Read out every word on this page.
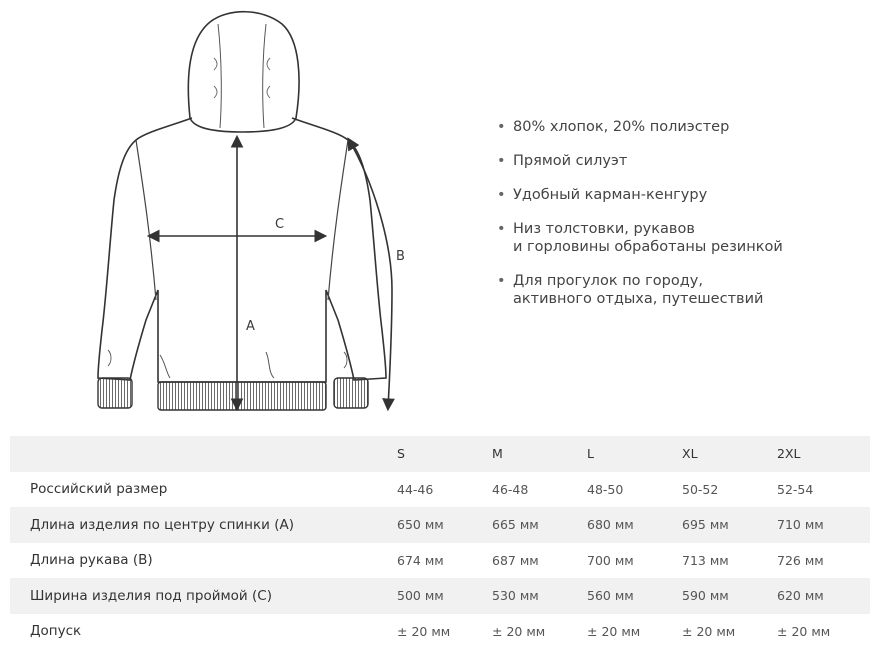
A
C
B
• 80% хлопок, 20% полиэстер
• Прямой силуэт
• Удобный карман-кенгуру
• Низ толстовки, рукавов
и горловины обработаны резинкой
• Для прогулок по городу,
активного отдыха, путешествий
	S	M	L	XL	2XL
Российский размер	44-46	46-48	48-50	50-52	52-54
Длина изделия по центру спинки (А)	650 мм	665 мм	680 мм	695 мм	710 мм
Длина рукава (В)	674 мм	687 мм	700 мм	713 мм	726 мм
Ширина изделия под проймой (С)	500 мм	530 мм	560 мм	590 мм	620 мм
Допуск	± 20 мм	± 20 мм	± 20 мм	± 20 мм	± 20 мм
